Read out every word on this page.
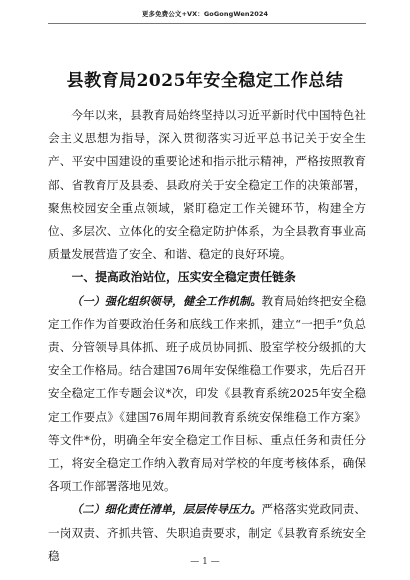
更多免费公文+VX：GoGongWen2024
县教育局2025年安全稳定工作总结

今年以来，县教育局始终坚持以习近平新时代中国特色社会主义思想为指导，深入贯彻落实习近平总书记关于安全生产、平安中国建设的重要论述和指示批示精神，严格按照教育部、省教育厅及县委、县政府关于安全稳定工作的决策部署，聚焦校园安全重点领域，紧盯稳定工作关键环节，构建全方位、多层次、立体化的安全稳定防护体系，为全县教育事业高质量发展营造了安全、和谐、稳定的良好环境。

一、提高政治站位，压实安全稳定责任链条

（一）强化组织领导，健全工作机制。教育局始终把安全稳定工作作为首要政治任务和底线工作来抓，建立“一把手”负总责、分管领导具体抓、班子成员协同抓、股室学校分级抓的大安全工作格局。结合建国76周年安保维稳工作要求，先后召开安全稳定工作专题会议*次，印发《县教育系统2025年安全稳定工作要点》《建国76周年期间教育系统安保维稳工作方案》等文件*份，明确全年安全稳定工作目标、重点任务和责任分工，将安全稳定工作纳入教育局对学校的年度考核体系，确保各项工作部署落地见效。

（二）细化责任清单，层层传导压力。严格落实党政同责、一岗双责、齐抓共管、失职追责要求，制定《县教育系统安全稳	— 1 —
